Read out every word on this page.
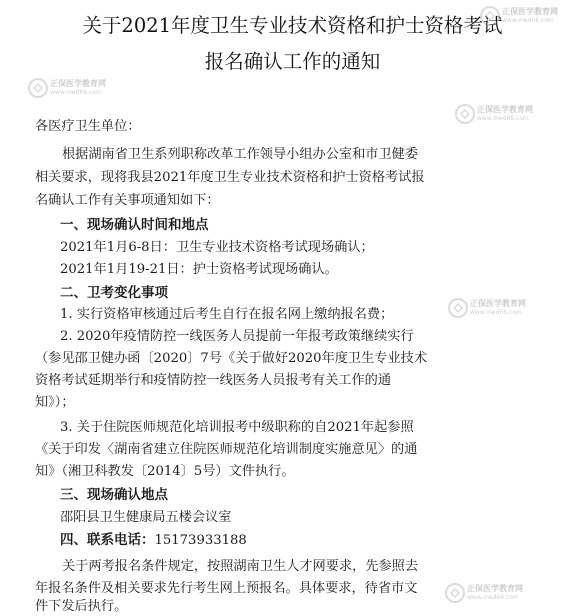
关于2021年度卫生专业技术资格和护士资格考试
报名确认工作的通知
各医疗卫生单位：
根据湖南省卫生系列职称改革工作领导小组办公室和市卫健委
相关要求，现将我县2021年度卫生专业技术资格和护士资格考试报
名确认工作有关事项通知如下：
一、现场确认时间和地点
2021年1月6-8日：卫生专业技术资格考试现场确认；
2021年1月19-21日：护士资格考试现场确认。
二、卫考变化事项
1. 实行资格审核通过后考生自行在报名网上缴纳报名费；
2. 2020年疫情防控一线医务人员提前一年报考政策继续实行
（参见邵卫健办函〔2020〕7号《关于做好2020年度卫生专业技术
资格考试延期举行和疫情防控一线医务人员报考有关工作的通
知》）；
3. 关于住院医师规范化培训报考中级职称的自2021年起参照
《关于印发〈湖南省建立住院医师规范化培训制度实施意见〉的通
知》（湘卫科教发〔2014〕5号）文件执行。
三、现场确认地点
邵阳县卫生健康局五楼会议室
四、联系电话：15173933188
关于两考报名条件规定，按照湖南卫生人才网要求，先参照去
年报名条件及相关要求先行考生网上预报名。具体要求，待省市文
件下发后执行。
正保医学教育网
www.med66.com
正保医学教育网
www.med66.com
正保医学教育网
www.med66.com
正保医学教育网
www.med66.com
正保医学教育网
www.med66.com
